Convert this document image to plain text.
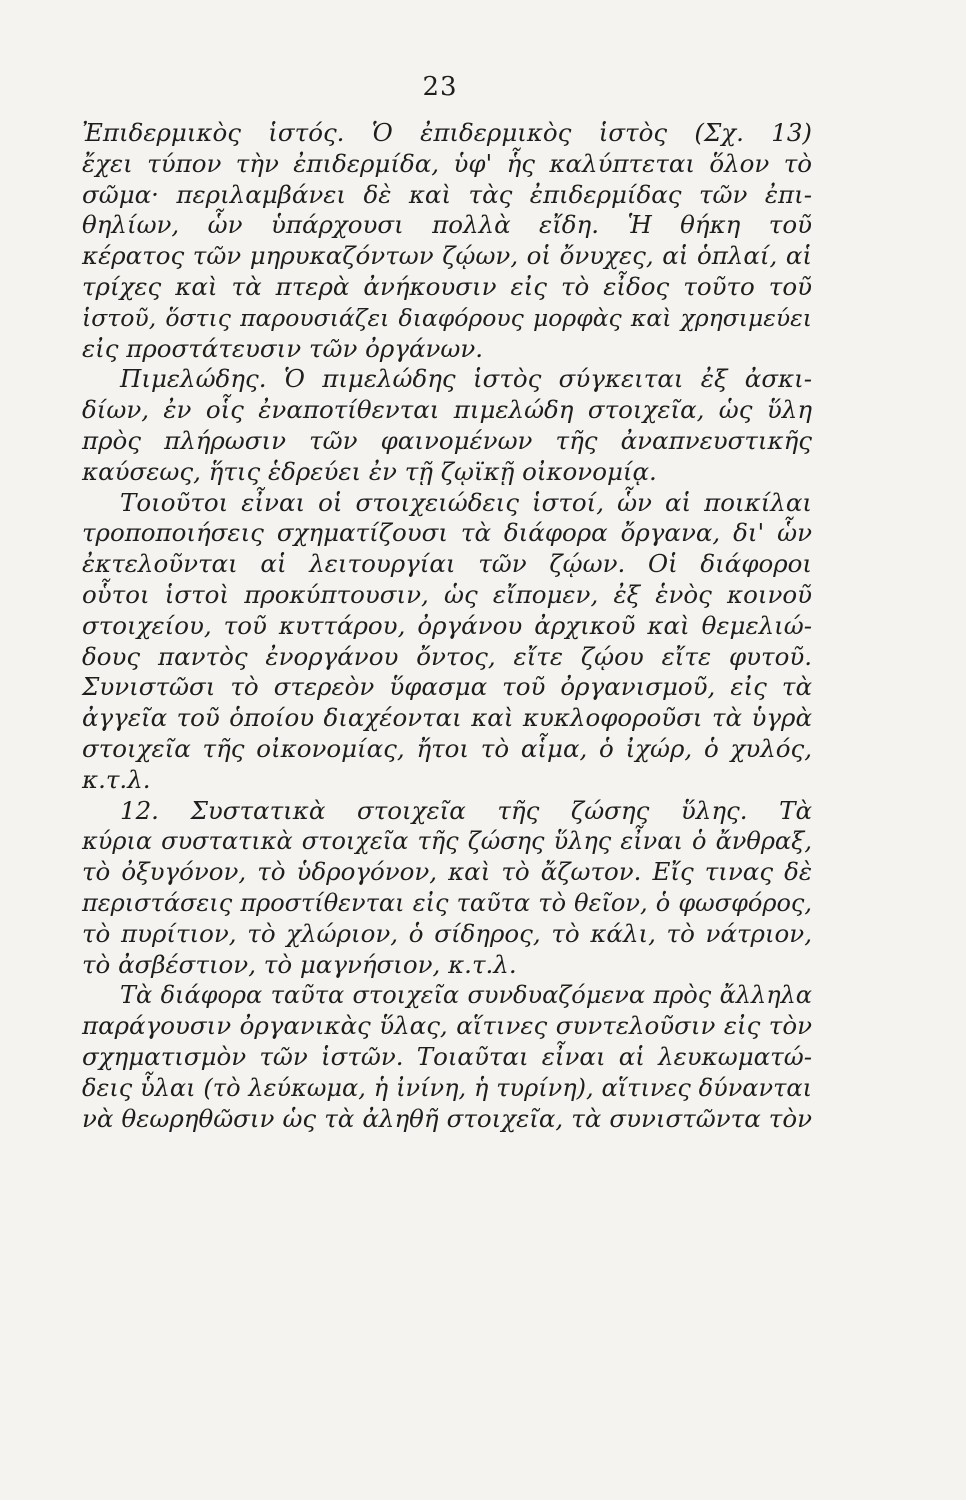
23
Ἐπιδερμικὸς ἱστός. Ὁ ἐπιδερμικὸς ἱστὸς (Σχ. 13)
ἔχει τύπον τὴν ἐπιδερμίδα, ὑφ' ἧς καλύπτεται ὅλον τὸ
σῶμα· περιλαμβάνει δὲ καὶ τὰς ἐπιδερμίδας τῶν ἐπι-
θηλίων, ὧν ὑπάρχουσι πολλὰ εἴδη. Ἡ θήκη τοῦ
κέρατος τῶν μηρυκαζόντων ζῴων, οἱ ὄνυχες, αἱ ὁπλαί, αἱ
τρίχες καὶ τὰ πτερὰ ἀνήκουσιν εἰς τὸ εἶδος τοῦτο τοῦ
ἱστοῦ, ὅστις παρουσιάζει διαφόρους μορφὰς καὶ χρησιμεύει
εἰς προστάτευσιν τῶν ὀργάνων.
Πιμελώδης. Ὁ πιμελώδης ἱστὸς σύγκειται ἐξ ἀσκι-
δίων, ἐν οἷς ἐναποτίθενται πιμελώδη στοιχεῖα, ὡς ὕλη
πρὸς πλήρωσιν τῶν φαινομένων τῆς ἀναπνευστικῆς
καύσεως, ἥτις ἑδρεύει ἐν τῇ ζῳϊκῇ οἰκονομίᾳ.
Τοιοῦτοι εἶναι οἱ στοιχειώδεις ἱστοί, ὧν αἱ ποικίλαι
τροποποιήσεις σχηματίζουσι τὰ διάφορα ὄργανα, δι' ὧν
ἐκτελοῦνται αἱ λειτουργίαι τῶν ζῴων. Οἱ διάφοροι
οὗτοι ἱστοὶ προκύπτουσιν, ὡς εἴπομεν, ἐξ ἑνὸς κοινοῦ
στοιχείου, τοῦ κυττάρου, ὀργάνου ἀρχικοῦ καὶ θεμελιώ-
δους παντὸς ἐνοργάνου ὄντος, εἴτε ζῴου εἴτε φυτοῦ.
Συνιστῶσι τὸ στερεὸν ὕφασμα τοῦ ὀργανισμοῦ, εἰς τὰ
ἀγγεῖα τοῦ ὁποίου διαχέονται καὶ κυκλοφοροῦσι τὰ ὑγρὰ
στοιχεῖα τῆς οἰκονομίας, ἤτοι τὸ αἷμα, ὁ ἰχώρ, ὁ χυλός,
κ.τ.λ.
12. Συστατικὰ στοιχεῖα τῆς ζώσης ὕλης. Τὰ
κύρια συστατικὰ στοιχεῖα τῆς ζώσης ὕλης εἶναι ὁ ἄνθραξ,
τὸ ὀξυγόνον, τὸ ὑδρογόνον, καὶ τὸ ἄζωτον. Εἴς τινας δὲ
περιστάσεις προστίθενται εἰς ταῦτα τὸ θεῖον, ὁ φωσφόρος,
τὸ πυρίτιον, τὸ χλώριον, ὁ σίδηρος, τὸ κάλι, τὸ νάτριον,
τὸ ἀσβέστιον, τὸ μαγνήσιον, κ.τ.λ.
Τὰ διάφορα ταῦτα στοιχεῖα συνδυαζόμενα πρὸς ἄλληλα
παράγουσιν ὀργανικὰς ὕλας, αἵτινες συντελοῦσιν εἰς τὸν
σχηματισμὸν τῶν ἱστῶν. Τοιαῦται εἶναι αἱ λευκωματώ-
δεις ὗλαι (τὸ λεύκωμα, ἡ ἰνίνη, ἡ τυρίνη), αἵτινες δύνανται
νὰ θεωρηθῶσιν ὡς τὰ ἀληθῆ στοιχεῖα, τὰ συνιστῶντα τὸν
